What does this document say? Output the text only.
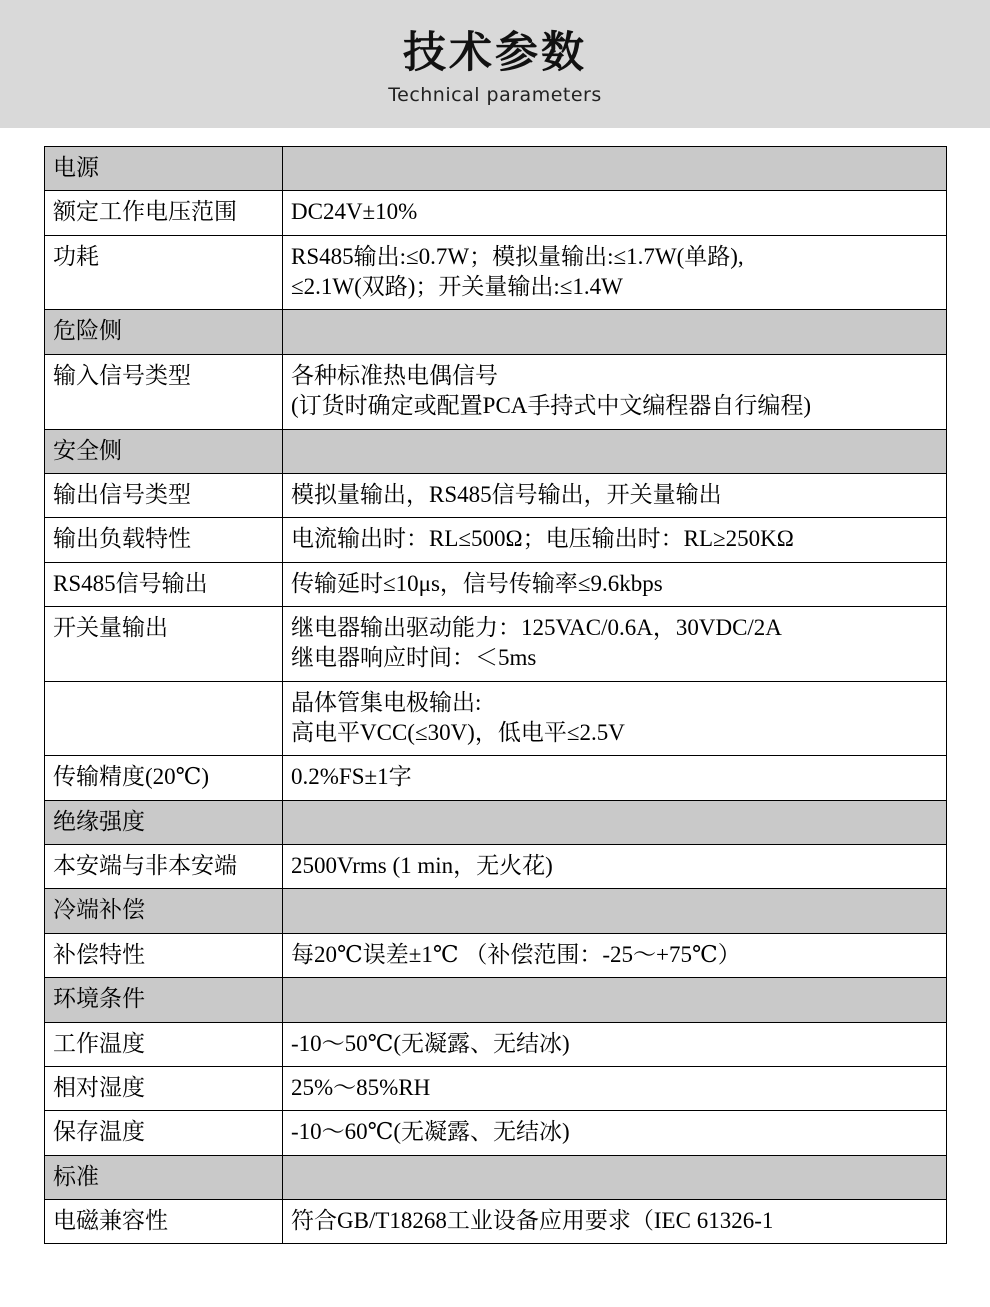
技术参数
Technical parameters
电源	
额定工作电压范围	DC24V±10%

功耗	RS485输出:≤0.7W；模拟量输出:≤1.7W(单路),
≤2.1W(双路)；开关量输出:≤1.4W

危险侧	
输入信号类型	各种标准热电偶信号
(订货时确定或配置PCA手持式中文编程器自行编程)

安全侧	
输出信号类型	模拟量输出，RS485信号输出，开关量输出

输出负载特性	电流输出时：RL≤500Ω；电压输出时：RL≥250KΩ

RS485信号输出	传输延时≤10μs，信号传输率≤9.6kbps

开关量输出	继电器输出驱动能力：125VAC/0.6A，30VDC/2A
继电器响应时间：＜5ms

	晶体管集电极输出:
高电平VCC(≤30V)，低电平≤2.5V

传输精度(20℃)	0.2%FS±1字

绝缘强度	
本安端与非本安端	2500Vrms (1 min，无火花)

冷端补偿	
补偿特性	每20℃误差±1℃ （补偿范围：-25～+75℃）

环境条件	
工作温度	-10～50℃(无凝露、无结冰)

相对湿度	25%～85%RH

保存温度	-10～60℃(无凝露、无结冰)

标准	
电磁兼容性	符合GB/T18268工业设备应用要求（IEC 61326-1
